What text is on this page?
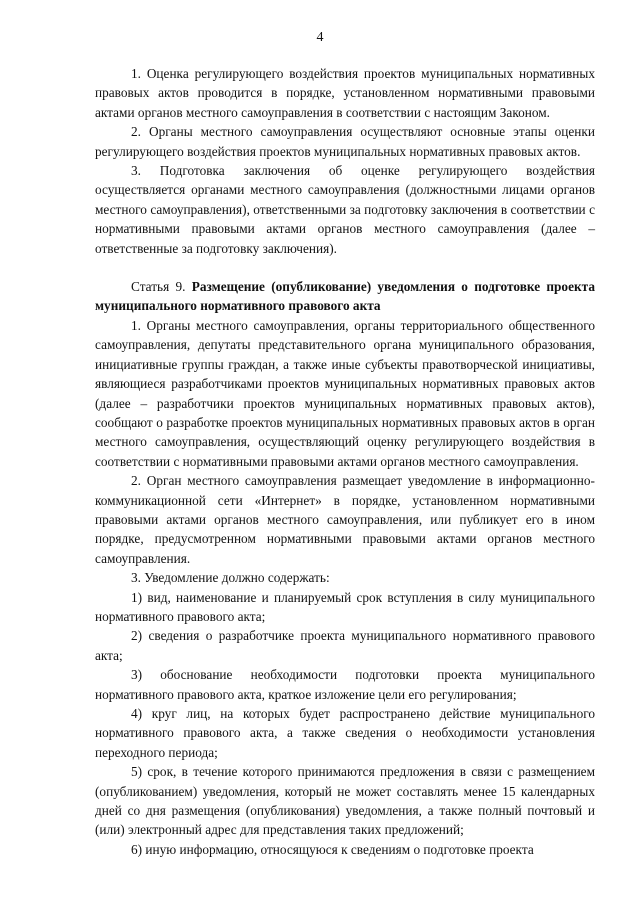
4

1. Оценка регулирующего воздействия проектов муниципальных нормативных правовых актов проводится в порядке, установленном нормативными правовыми актами органов местного самоуправления в соответствии с настоящим Законом.

2. Органы местного самоуправления осуществляют основные этапы оценки регулирующего воздействия проектов муниципальных нормативных правовых актов.

3. Подготовка заключения об оценке регулирующего воздействия осуществляется органами местного самоуправления (должностными лицами органов местного самоуправления), ответственными за подготовку заключения в соответствии с нормативными правовыми актами органов местного самоуправления (далее – ответственные за подготовку заключения).

Статья 9. Размещение (опубликование) уведомления о подготовке проекта муниципального нормативного правового акта

1. Органы местного самоуправления, органы территориального общественного самоуправления, депутаты представительного органа муниципального образования, инициативные группы граждан, а также иные субъекты правотворческой инициативы, являющиеся разработчиками проектов муниципальных нормативных правовых актов (далее – разработчики проектов муниципальных нормативных правовых актов), сообщают о разработке проектов муниципальных нормативных правовых актов в орган местного самоуправления, осуществляющий оценку регулирующего воздействия в соответствии с нормативными правовыми актами органов местного самоуправления.

2. Орган местного самоуправления размещает уведомление в информационно-коммуникационной сети «Интернет» в порядке, установленном нормативными правовыми актами органов местного самоуправления, или публикует его в ином порядке, предусмотренном нормативными правовыми актами органов местного самоуправления.

3. Уведомление должно содержать:

1) вид, наименование и планируемый срок вступления в силу муниципального нормативного правового акта;

2) сведения о разработчике проекта муниципального нормативного правового акта;

3) обоснование необходимости подготовки проекта муниципального нормативного правового акта, краткое изложение цели его регулирования;

4) круг лиц, на которых будет распространено действие муниципального нормативного правового акта, а также сведения о необходимости установления переходного периода;

5) срок, в течение которого принимаются предложения в связи с размещением (опубликованием) уведомления, который не может составлять менее 15 календарных дней со дня размещения (опубликования) уведомления, а также полный почтовый и (или) электронный адрес для представления таких предложений;

6) иную информацию, относящуюся к сведениям о подготовке проекта
